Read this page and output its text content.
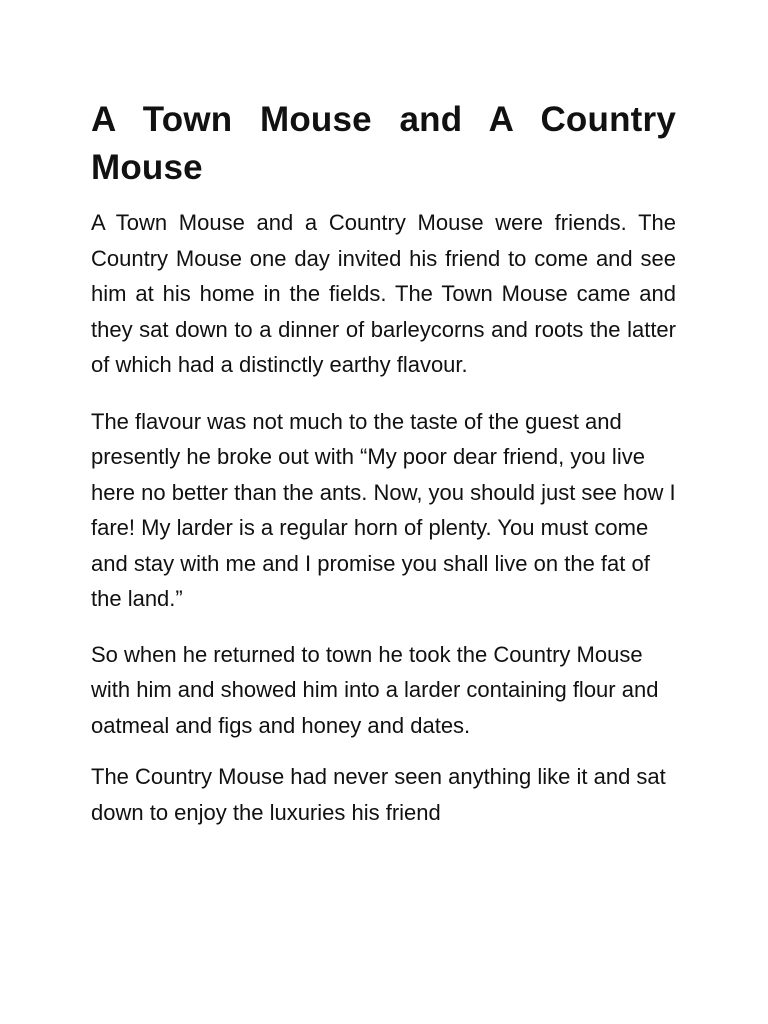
A Town Mouse and A Country Mouse

A Town Mouse and a Country Mouse were friends. The Country Mouse one day invited his friend to come and see him at his home in the fields. The Town Mouse came and they sat down to a dinner of barleycorns and roots the latter of which had a distinctly earthy flavour.

The flavour was not much to the taste of the guest and presently he broke out with “My poor dear friend, you live here no better than the ants. Now, you should just see how I fare! My larder is a regular horn of plenty. You must come and stay with me and I promise you shall live on the fat of the land.”

So when he returned to town he took the Country Mouse with him and showed him into a larder containing flour and oatmeal and figs and honey and dates.

The Country Mouse had never seen anything like it and sat down to enjoy the luxuries his friend
